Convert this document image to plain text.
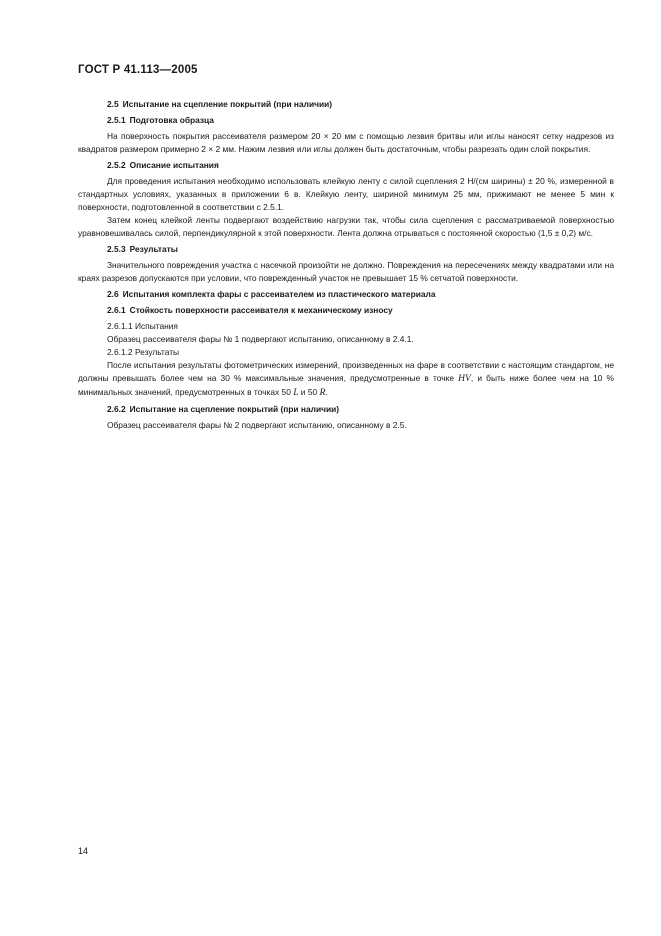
ГОСТ Р 41.113—2005

2.5 Испытание на сцепление покрытий (при наличии)

2.5.1 Подготовка образца

На поверхность покрытия рассеивателя размером 20 × 20 мм с помощью лезвия бритвы или иглы наносят сетку надрезов из квадратов размером примерно 2 × 2 мм. Нажим лезвия или иглы должен быть достаточным, чтобы разрезать один слой покрытия.

2.5.2 Описание испытания

Для проведения испытания необходимо использовать клейкую ленту с силой сцепления 2 Н/(см ширины) ± 20 %, измеренной в стандартных условиях, указанных в приложении 6 в. Клейкую ленту, шириной минимум 25 мм, прижимают не менее 5 мин к поверхности, подготовленной в соответствии с 2.5.1.

Затем конец клейкой ленты подвергают воздействию нагрузки так, чтобы сила сцепления с рассматриваемой поверхностью уравновешивалась силой, перпендикулярной к этой поверхности. Лента должна отрываться с постоянной скоростью (1,5 ± 0,2) м/с.

2.5.3 Результаты

Значительного повреждения участка с насечкой произойти не должно. Повреждения на пересечениях между квадратами или на краях разрезов допускаются при условии, что поврежденный участок не превышает 15 % сетчатой поверхности.

2.6 Испытания комплекта фары с рассеивателем из пластического материала

2.6.1 Стойкость поверхности рассеивателя к механическому износу

2.6.1.1 Испытания

Образец рассеивателя фары № 1 подвергают испытанию, описанному в 2.4.1.

2.6.1.2 Результаты

После испытания результаты фотометрических измерений, произведенных на фаре в соответствии с настоящим стандартом, не должны превышать более чем на 30 % максимальные значения, предусмотренные в точке HV, и быть ниже более чем на 10 % минимальных значений, предусмотренных в точках 50 L и 50 R.

2.6.2 Испытание на сцепление покрытий (при наличии)

Образец рассеивателя фары № 2 подвергают испытанию, описанному в 2.5.

14
